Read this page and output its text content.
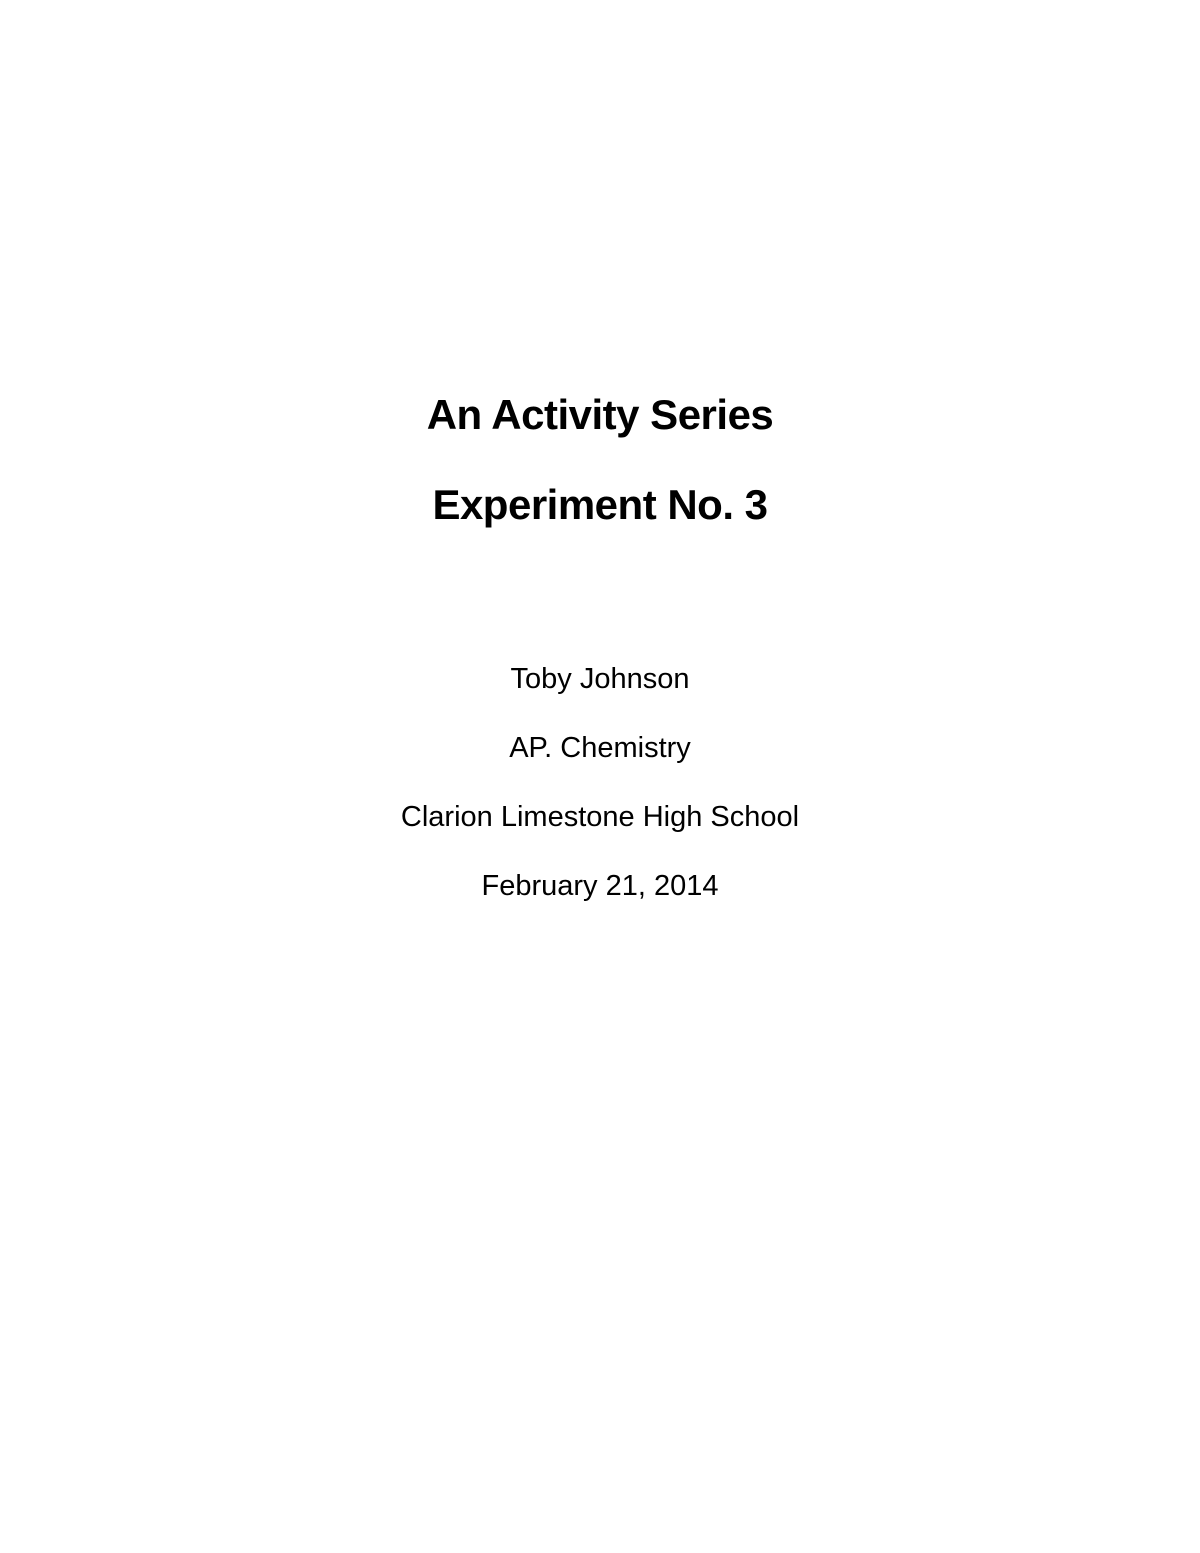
An Activity Series
Experiment No. 3
Toby Johnson
AP. Chemistry
Clarion Limestone High School
February 21, 2014
